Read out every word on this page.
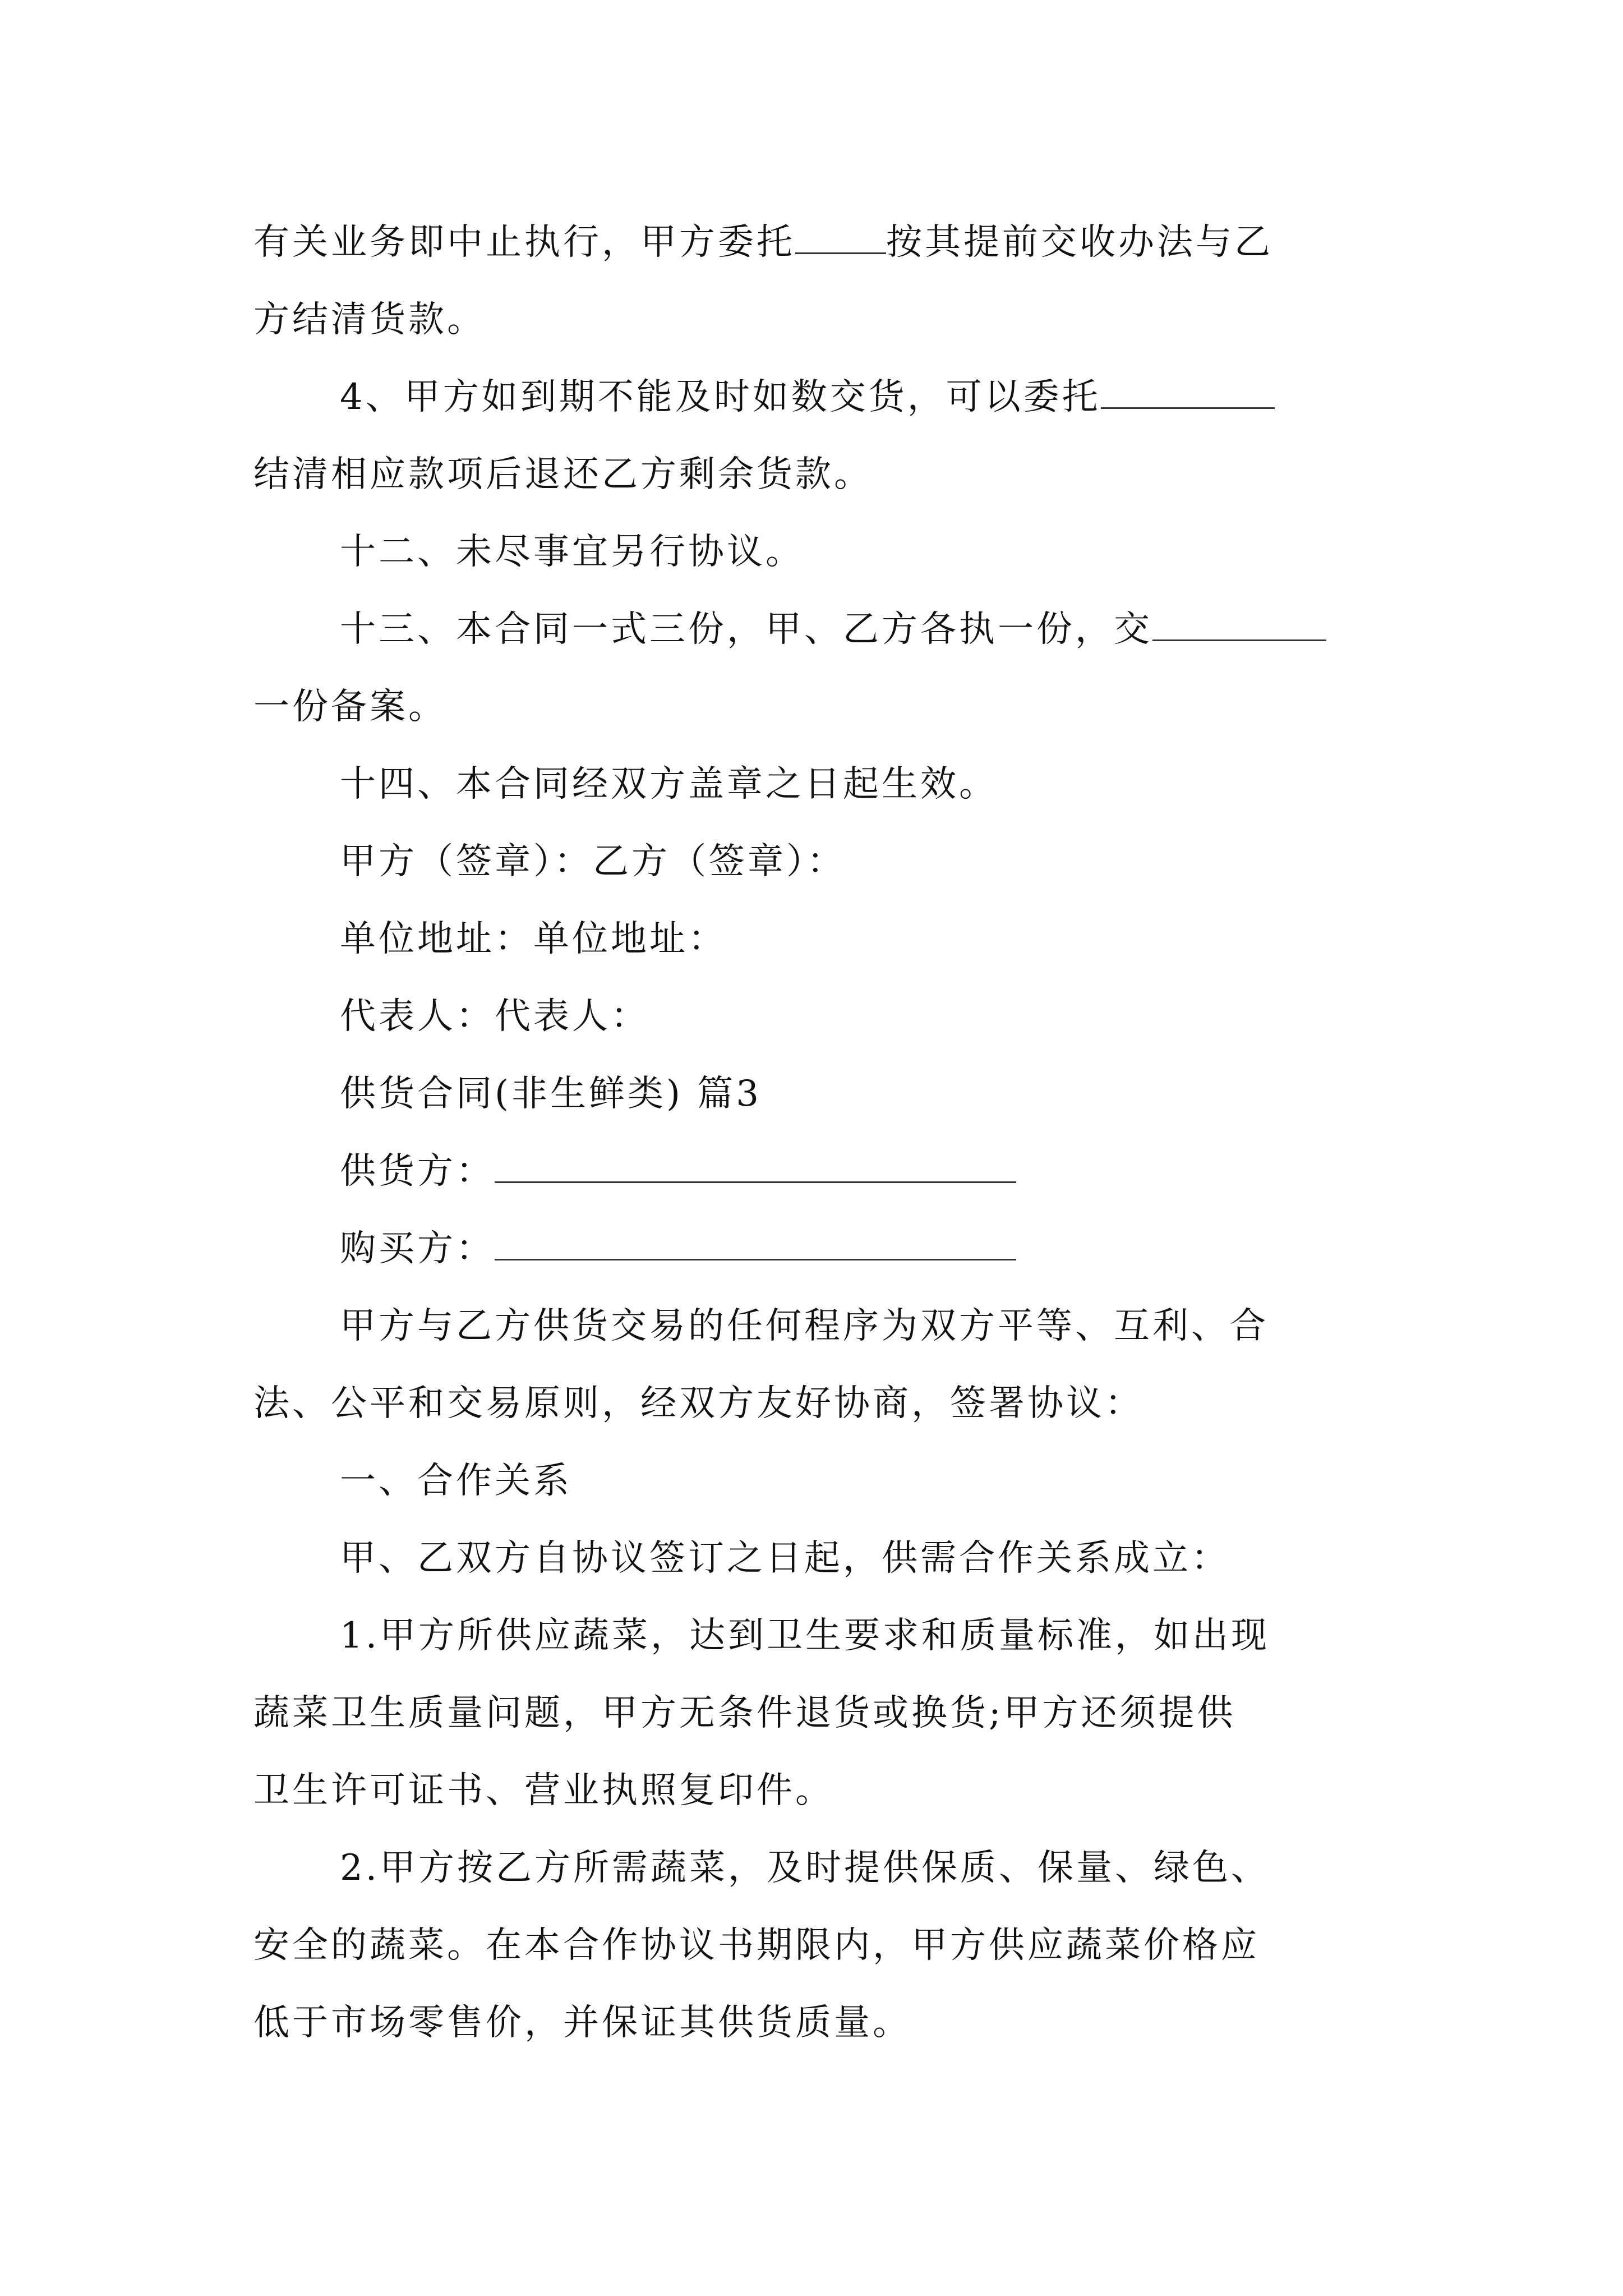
有关业务即中止执行，甲方委托	按其提前交收办法与乙
方结清货款。
4、甲方如到期不能及时如数交货，可以委托
结清相应款项后退还乙方剩余货款。
十二、未尽事宜另行协议。
十三、本合同一式三份，甲、乙方各执一份，交
一份备案。
十四、本合同经双方盖章之日起生效。
甲方（签章）：乙方（签章）：
单位地址：单位地址：
代表人：代表人：
供货合同(非生鲜类) 篇3
供货方：
购买方：
甲方与乙方供货交易的任何程序为双方平等、互利、合
法、公平和交易原则，经双方友好协商，签署协议：
一、合作关系
甲、乙双方自协议签订之日起，供需合作关系成立：
1.甲方所供应蔬菜，达到卫生要求和质量标准，如出现
蔬菜卫生质量问题，甲方无条件退货或换货;甲方还须提供
卫生许可证书、营业执照复印件。
2.甲方按乙方所需蔬菜，及时提供保质、保量、绿色、
安全的蔬菜。在本合作协议书期限内，甲方供应蔬菜价格应
低于市场零售价，并保证其供货质量。
